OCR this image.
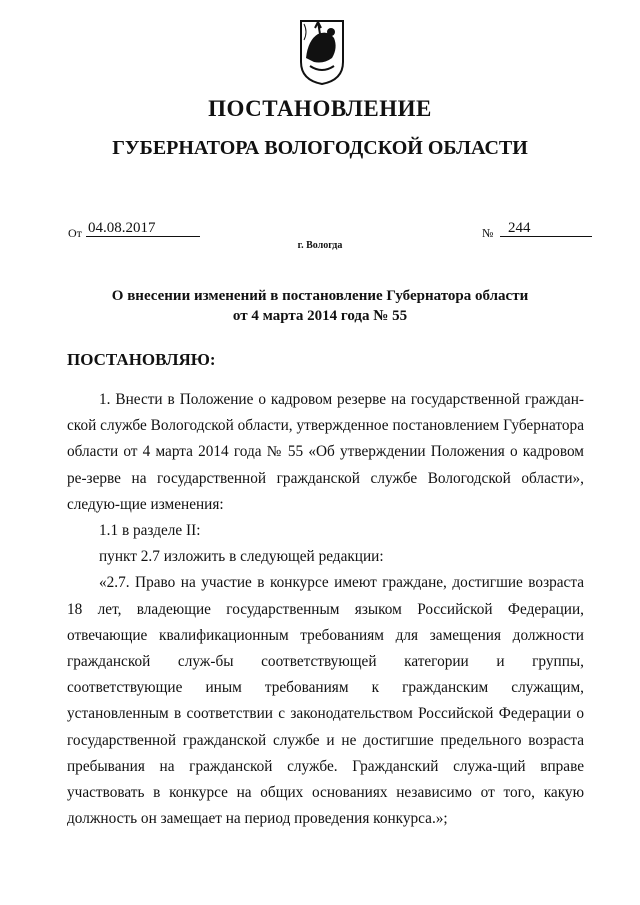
ПОСТАНОВЛЕНИЕ
ГУБЕРНАТОРА ВОЛОГОДСКОЙ ОБЛАСТИ
От 04.08.2017	№ 244
г. Вологда
О внесении изменений в постановление Губернатора области
от 4 марта 2014 года № 55
ПОСТАНОВЛЯЮ:

1. Внести в Положение о кадровом резерве на государственной граждан-ской службе Вологодской области, утвержденное постановлением Губернатора области от 4 марта 2014 года № 55 «Об утверждении Положения о кадровом ре-зерве на государственной гражданской службе Вологодской области», следую-щие изменения:

1.1 в разделе II:

пункт 2.7 изложить в следующей редакции:

«2.7. Право на участие в конкурсе имеют граждане, достигшие возраста 18 лет, владеющие государственным языком Российской Федерации, отвечающие квалификационным требованиям для замещения должности гражданской служ-бы соответствующей категории и группы, соответствующие иным требованиям к гражданским служащим, установленным в соответствии с законодательством Российской Федерации о государственной гражданской службе и не достигшие предельного возраста пребывания на гражданской службе. Гражданский служа-щий вправе участвовать в конкурсе на общих основаниях независимо от того, какую должность он замещает на период проведения конкурса.»;
